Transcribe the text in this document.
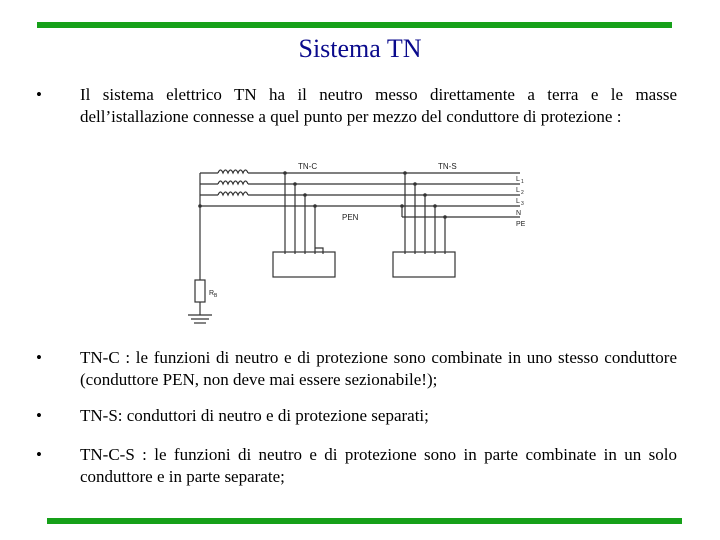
Sistema TN
• Il sistema elettrico TN ha il neutro messo direttamente a terra e le masse dell’istallazione connesse a quel punto per mezzo del conduttore di protezione :
TN-C	TN-S
PEN
L 1
L 2
L 3
N
PE
R B
• TN-C : le funzioni di neutro e di protezione sono combinate in uno stesso conduttore (conduttore PEN, non deve mai essere sezionabile!);
• TN-S: conduttori di neutro e di protezione separati;
• TN-C-S : le funzioni di neutro e di protezione sono in parte combinate in un solo conduttore e in parte separate;
